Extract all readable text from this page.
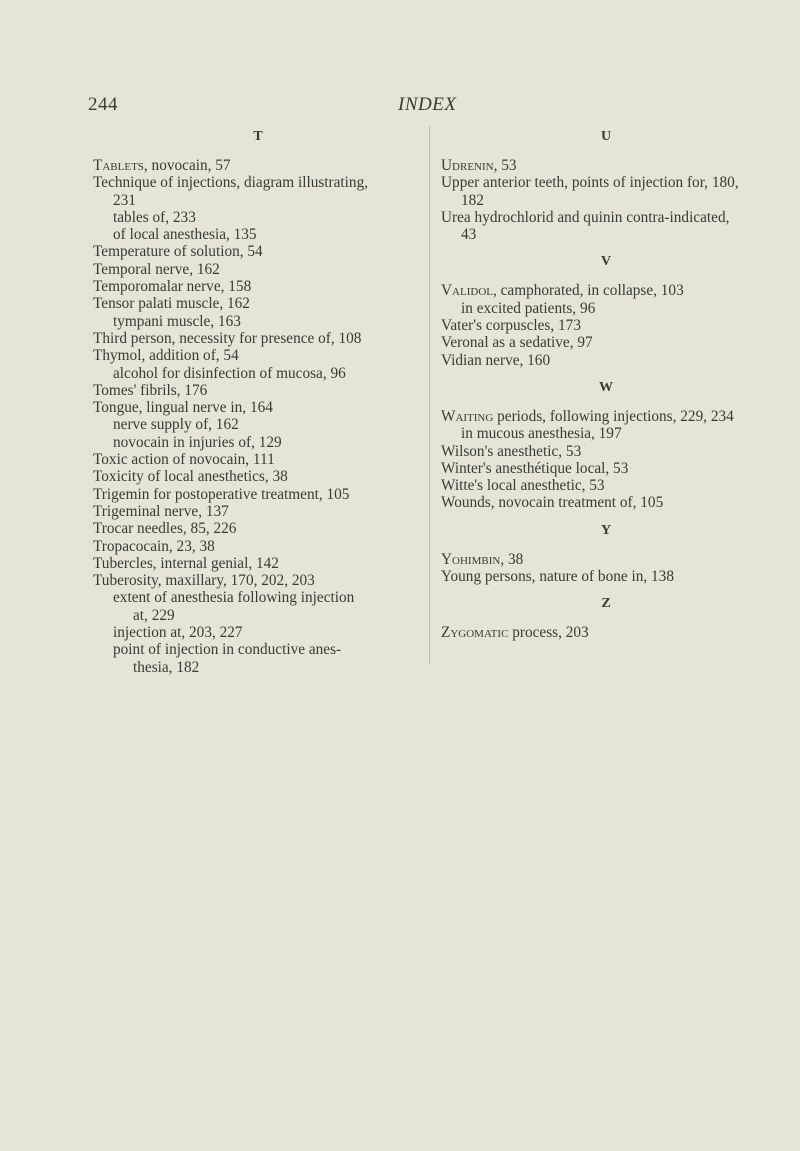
244	INDEX
T
Tablets, novocain, 57
Technique of injections, diagram illustrating,
231
tables of, 233
of local anesthesia, 135
Temperature of solution, 54
Temporal nerve, 162
Temporomalar nerve, 158
Tensor palati muscle, 162
tympani muscle, 163
Third person, necessity for presence of, 108
Thymol, addition of, 54
alcohol for disinfection of mucosa, 96
Tomes' fibrils, 176
Tongue, lingual nerve in, 164
nerve supply of, 162
novocain in injuries of, 129
Toxic action of novocain, 111
Toxicity of local anesthetics, 38
Trigemin for postoperative treatment, 105
Trigeminal nerve, 137
Trocar needles, 85, 226
Tropacocain, 23, 38
Tubercles, internal genial, 142
Tuberosity, maxillary, 170, 202, 203
extent of anesthesia following injection
at, 229
injection at, 203, 227
point of injection in conductive anes-
thesia, 182
U
Udrenin, 53
Upper anterior teeth, points of injection for, 180,
182
Urea hydrochlorid and quinin contra-indicated,
43
V
Validol, camphorated, in collapse, 103
in excited patients, 96
Vater's corpuscles, 173
Veronal as a sedative, 97
Vidian nerve, 160
W
Waiting periods, following injections, 229, 234
in mucous anesthesia, 197
Wilson's anesthetic, 53
Winter's anesthétique local, 53
Witte's local anesthetic, 53
Wounds, novocain treatment of, 105
Y
Yohimbin, 38
Young persons, nature of bone in, 138
Z
Zygomatic process, 203
